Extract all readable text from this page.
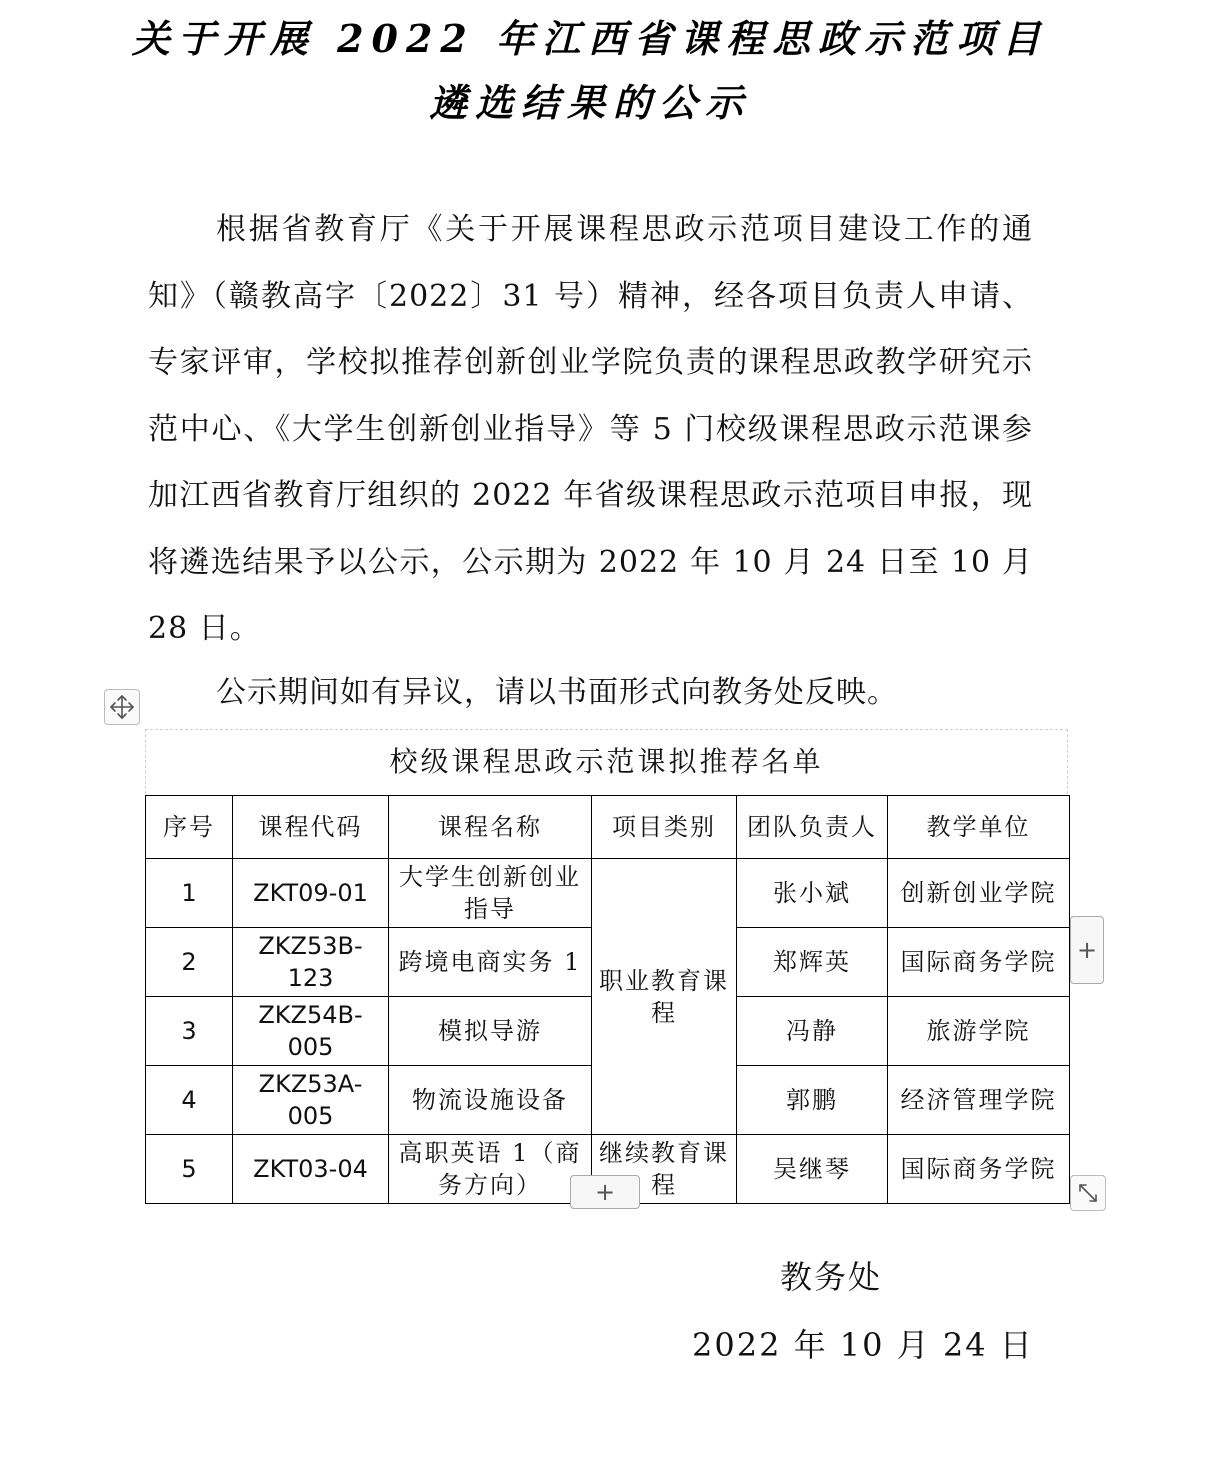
关于开展 2022 年江西省课程思政示范项目
遴选结果的公示
根据省教育厅《关于开展课程思政示范项目建设工作的通知》（赣教高字〔2022〕31 号）精神，经各项目负责人申请、专家评审，学校拟推荐创新创业学院负责的课程思政教学研究示范中心、《大学生创新创业指导》等 5 门校级课程思政示范课参加江西省教育厅组织的 2022 年省级课程思政示范项目申报，现将遴选结果予以公示，公示期为 2022 年 10 月 24 日至 10 月 28 日。
公示期间如有异议，请以书面形式向教务处反映。
校级课程思政示范课拟推荐名单
序号	课程代码	课程名称	项目类别	团队负责人	教学单位
1	ZKT09-01	大学生创新创业指导	职业教育课程	张小斌	创新创业学院
2	ZKZ53B-123	跨境电商实务 1		郑辉英	国际商务学院
3	ZKZ54B-005	模拟导游		冯静	旅游学院
4	ZKZ53A-005	物流设施设备		郭鹏	经济管理学院
5	ZKT03-04	高职英语 1（商务方向）	继续教育课程	吴继琴	国际商务学院
+
+
教务处
2022 年 10 月 24 日
